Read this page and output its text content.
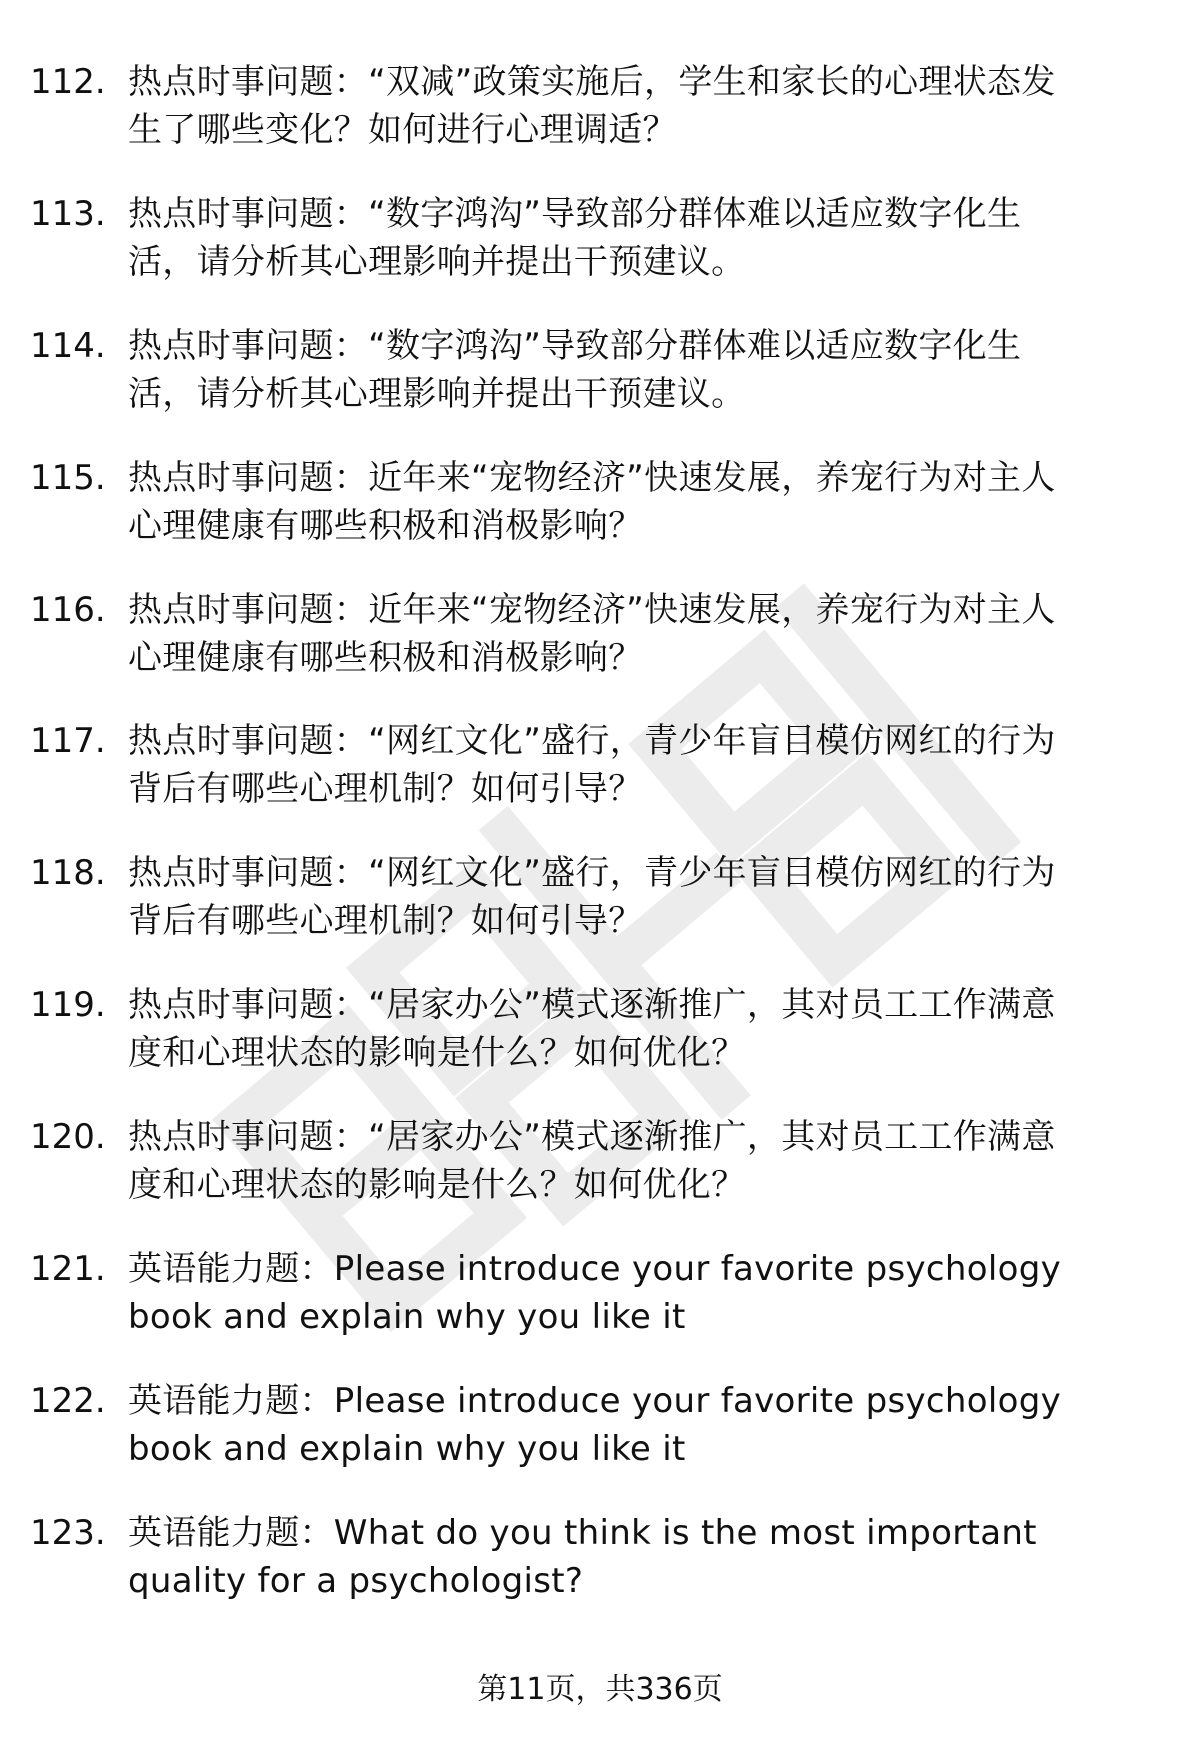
112. 热点时事问题：“双减”政策实施后，学生和家长的心理状态发
生了哪些变化？如何进行心理调适？
113. 热点时事问题：“数字鸿沟”导致部分群体难以适应数字化生
活，请分析其心理影响并提出干预建议。
114. 热点时事问题：“数字鸿沟”导致部分群体难以适应数字化生
活，请分析其心理影响并提出干预建议。
115. 热点时事问题：近年来“宠物经济”快速发展，养宠行为对主人
心理健康有哪些积极和消极影响？
116. 热点时事问题：近年来“宠物经济”快速发展，养宠行为对主人
心理健康有哪些积极和消极影响？
117. 热点时事问题：“网红文化”盛行，青少年盲目模仿网红的行为
背后有哪些心理机制？如何引导？
118. 热点时事问题：“网红文化”盛行，青少年盲目模仿网红的行为
背后有哪些心理机制？如何引导？
119. 热点时事问题：“居家办公”模式逐渐推广，其对员工工作满意
度和心理状态的影响是什么？如何优化？
120. 热点时事问题：“居家办公”模式逐渐推广，其对员工工作满意
度和心理状态的影响是什么？如何优化？
121. 英语能力题：Please introduce your favorite psychology
book and explain why you like it
122. 英语能力题：Please introduce your favorite psychology
book and explain why you like it
123. 英语能力题：What do you think is the most important
quality for a psychologist?
第11页，共336页
